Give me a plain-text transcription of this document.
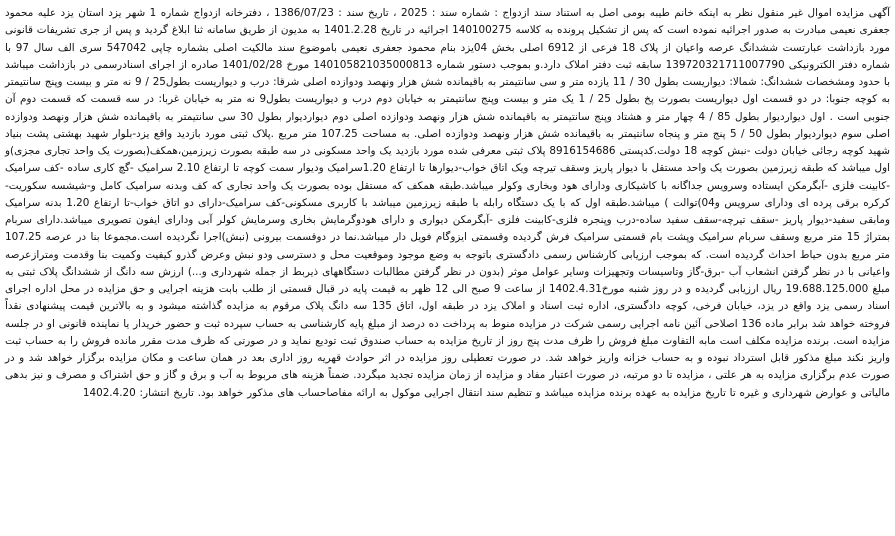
آگهی مزایده اموال غیر منقول نظر به اینکه خانم طیبه بومی اصل به استناد سند ازدواج : شماره سند : 2025 ، تاریخ سند : 1386/07/23 ، دفترخانه ازدواج شماره 1 شهر یزد استان یزد علیه محمود جعفری نعیمی مبادرت به صدور اجرائیه نموده است که پس از تشکیل پرونده به کلاسه 140100275 اجرائیه در تاریخ 1401.2.28 به مدیون از طریق سامانه ثنا ابلاغ گردید و پس از جری تشریفات قانونی مورد بازداشت عبارتست ششدانگ عرصه واعیان از پلاک 18 فرعی از 6912 اصلی بخش 04یزد بنام محمود جعفری نعیمی باموضوع سند مالکیت اصلی بشماره چاپی 547042 سری الف سال 97 با شماره دفتر الکترونیکی 13972032171100779​0 سابقه ثبت دفتر املاک دارد.و بموجب دستور شماره 140105821035000813 مورخ 1401/02/28 صادره از اجرای اسنادرسمی در بازداشت میباشد با حدود ومشخصات ششدانگ: شمالا: دیواریست بطول 30 / 11 یازده متر و سی سانتیمتر به باقیمانده شش هزار ونهصد ودوازده اصلی شرقا: درب و دیواریست بطول25 / 9 نه متر و بیست وپنج سانتیمتر به کوچه جنوبا: در دو قسمت اول دیواریست بصورت پخ بطول 25 / 1 یک متر و بیست وپنج سانتیمتر به خیابان دوم درب و دیواریست بطول9 نه متر به خیابان غربا: در سه قسمت که قسمت دوم آن جنوبی است . اول دیواردیوار بطول 85 / 4 چهار متر و هشتاد وپنج سانتیمتر به باقیمانده شش هزار ونهصد ودوازده اصلی دوم دیواردیوار بطول 30 سی سانتیمتر به باقیمانده شش هزار ونهصد ودوازده اصلی سوم دیواردیوار بطول 50 / 5 پنج متر و پنجاه سانتیمتر به باقیمانده شش هزار ونهصد ودوازده اصلی. به مساحت 107.25 متر مربع .پلاک ثبتی مورد بازدید واقع یزد-بلوار شهید بهشتی پشت بنیاد شهید کوچه رجائی خیابان دولت -نبش کوچه 18 دولت.کدپستی 8916154686 پلاک ثبتی معرفی شده مورد بازدید یک واحد مسکونی در سه طبقه بصورت زیرزمین،همکف(بصورت یک واحد تجاری مجزی)و اول میباشد که طبقه زیرزمین بصورت یک واحد مستقل با دیوار پاریز وسقف تیرچه ویک اتاق خواب-دیوارها تا ارتفاع 1.20سرامیک ودیوار سمت کوچه تا ارتفاع 2.10 سرامیک -گچ کاری ساده -کف سرامیک -کابینت فلزی -آبگرمکن ایستاده وسرویس جداگانه با کاشیکاری ودارای هود وبخاری وکولر میباشد.طبقه همکف که مستقل بوده بصورت یک واحد تجاری که کف وبدنه سرامیک کامل و-شیشسه سکوریت-کرکره برقی پرده ای ودارای سرویس و04)توالت ) میباشد.طبقه اول که با یک دستگاه رابله با طبقه زیرزمین میباشد با کاربری مسکونی-کف سرامیک-دارای دو اتاق خواب-تا ارتفاع 1.20 بدنه سرامیک ومابقی سفید-دیوار پاریز -سقف تیرچه-سقف سفید ساده-درب وپنجره فلزی-کابینت فلزی -آبگرمکن دیواری و دارای هودوگرمایش بخاری وسرمایش کولر آبی ودارای ایفون تصویری میباشد.دارای سربام بمتراژ 15 متر مربع وسقف سربام سرامیک وپشت بام قسمتی سرامیک فرش گردیده وقسمتی ایزوگام فویل دار میباشد.نما در دوقسمت بیرونی (نبش)اجرا نگردیده است.مجموعا بنا در عرصه 107.25 متر مربع بدون حیاط احداث گردیده است. که بموجب ارزیابی کارشناس رسمی دادگستری باتوجه به وضع موجود وموقعیت محل و دسترسی ودو نبش وعرض گذرو کیفیت وکمیت بنا وقدمت ومترازعرصه واعیانی با در نظر گرفتن انشعاب آب -برق-گاز وتاسیسات وتجهیزات وسایر عوامل موثر (بدون در نظر گرفتن مطالبات دستگاههای ذیربط از جمله شهرداری و...) ارزش سه دانگ از ششدانگ پلاک ثبتی به مبلغ 19.688.125.000 ریال ارزیابی گردیده و در روز شنبه مورخ1402.4.31 از ساعت 9 صبح الی 12 ظهر به قیمت پایه در قبال قسمتی از طلب بابت هزینه اجرایی و حق مزایده در محل اداره اجرای اسناد رسمی یزد واقع در یزد، خیابان فرخی، کوچه دادگستری، اداره ثبت اسناد و املاک یزد در طبقه اول، اتاق 135 سه دانگ پلاک مرقوم به مزایده گذاشته میشود و به بالاترین قیمت پیشنهادی نقداً فروخته خواهد شد برابر ماده 136 اصلاحی آئین نامه اجرایی رسمی شرکت در مزایده منوط به پرداخت ده درصد از مبلغ پایه کارشناسی به حساب سپرده ثبت و حضور خریدار یا نماینده قانونی او در جلسه مزایده است. برنده مزایده مکلف است مابه التفاوت مبلغ فروش را ظرف مدت پنج روز از تاریخ مزایده به حساب صندوق ثبت تودیع نماید و در صورتی که ظرف مدت مقرر مانده فروش را به حساب ثبت واریز نکند مبلغ مذکور قابل استرداد نبوده و به حساب خزانه واریز خواهد شد. در صورت تعطیلی روز مزایده در اثر حوادث قهریه روز اداری بعد در همان ساعت و مکان مزایده برگزار خواهد شد و در صورت عدم برگزاری مزایده به هر علتی ، مزایده تا دو مرتبه، در صورت اعتبار مفاد و مزایده از زمان مزایده تجدید میگردد. ضمناً هزینه های مربوط به آب و برق و گاز و حق اشتراک و مصرف و نیز بدهی مالیاتی و عوارض شهرداری و غیره تا تاریخ مزایده به عهده برنده مزایده میباشد و تنظیم سند انتقال اجرایی موکول به ارائه مفاصاحساب های مذکور خواهد بود. تاریخ انتشار: 1402.4.20
